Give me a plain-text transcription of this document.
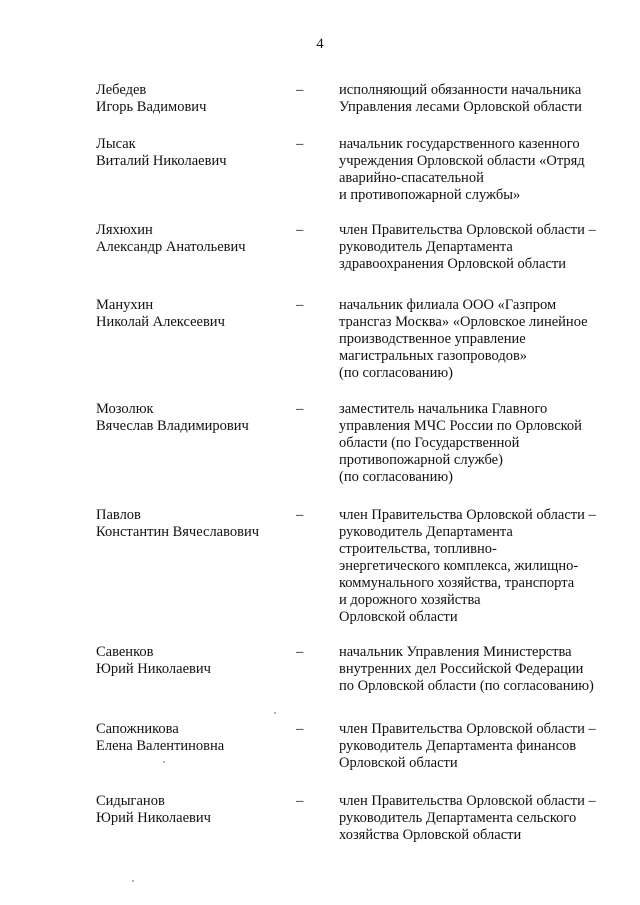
4
Лебедев
Игорь Вадимович
– исполняющий обязанности начальника
Управления лесами Орловской области
Лысак
Виталий Николаевич
– начальник государственного казенного
учреждения Орловской области «Отряд
аварийно-спасательной
и противопожарной службы»
Ляхюхин
Александр Анатольевич
– член Правительства Орловской области –
руководитель Департамента
здравоохранения Орловской области
Манухин
Николай Алексеевич
– начальник филиала ООО «Газпром
трансгаз Москва» «Орловское линейное
производственное управление
магистральных газопроводов»
(по согласованию)
Мозолюк
Вячеслав Владимирович
– заместитель начальника Главного
управления МЧС России по Орловской
области (по Государственной
противопожарной службе)
(по согласованию)
Павлов
Константин Вячеславович
– член Правительства Орловской области –
руководитель Департамента
строительства, топливно-
энергетического комплекса, жилищно-
коммунального хозяйства, транспорта
и дорожного хозяйства
Орловской области
Савенков
Юрий Николаевич
– начальник Управления Министерства
внутренних дел Российской Федерации
по Орловской области (по согласованию)
Сапожникова
Елена Валентиновна
– член Правительства Орловской области –
руководитель Департамента финансов
Орловской области
Сидыганов
Юрий Николаевич
– член Правительства Орловской области –
руководитель Департамента сельского
хозяйства Орловской области
